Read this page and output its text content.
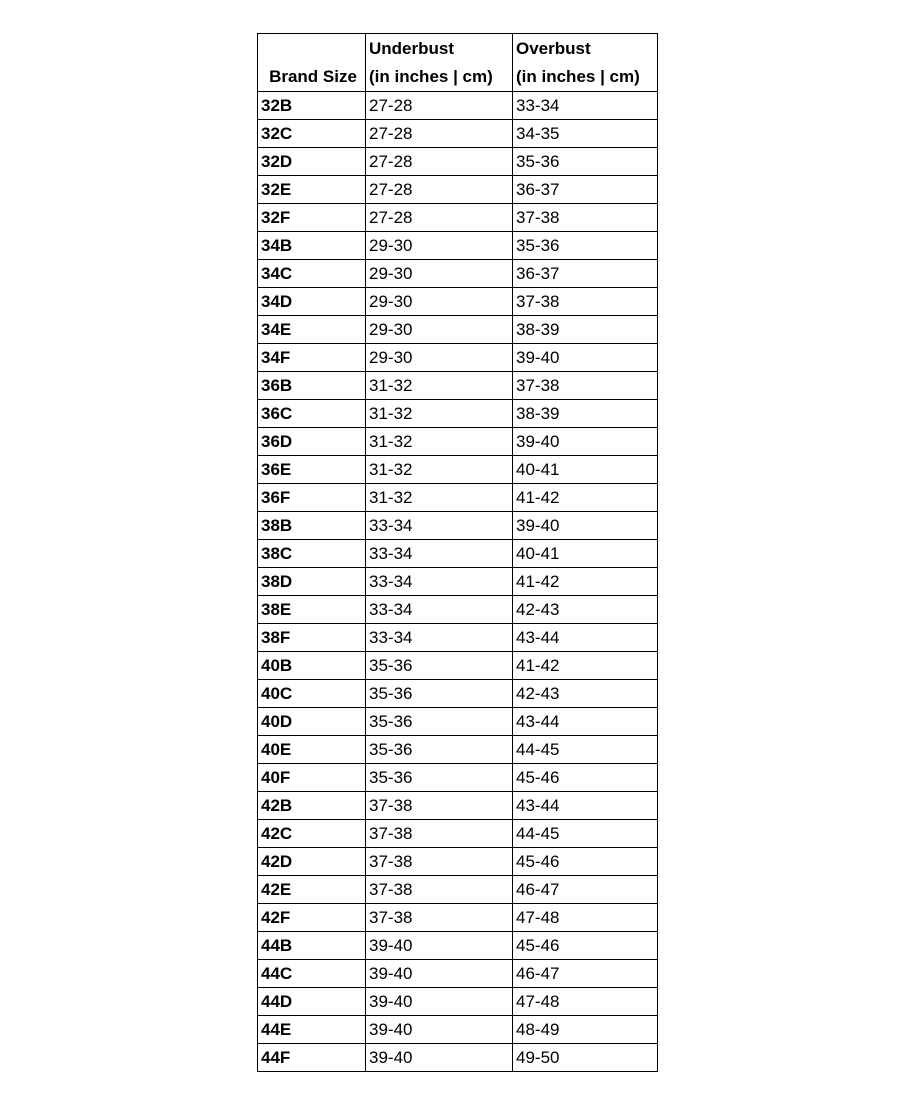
	Underbust	Overbust
Brand Size	(in inches | cm)	(in inches | cm)
32B	27-28	33-34
32C	27-28	34-35
32D	27-28	35-36
32E	27-28	36-37
32F	27-28	37-38
34B	29-30	35-36
34C	29-30	36-37
34D	29-30	37-38
34E	29-30	38-39
34F	29-30	39-40
36B	31-32	37-38
36C	31-32	38-39
36D	31-32	39-40
36E	31-32	40-41
36F	31-32	41-42
38B	33-34	39-40
38C	33-34	40-41
38D	33-34	41-42
38E	33-34	42-43
38F	33-34	43-44
40B	35-36	41-42
40C	35-36	42-43
40D	35-36	43-44
40E	35-36	44-45
40F	35-36	45-46
42B	37-38	43-44
42C	37-38	44-45
42D	37-38	45-46
42E	37-38	46-47
42F	37-38	47-48
44B	39-40	45-46
44C	39-40	46-47
44D	39-40	47-48
44E	39-40	48-49
44F	39-40	49-50
